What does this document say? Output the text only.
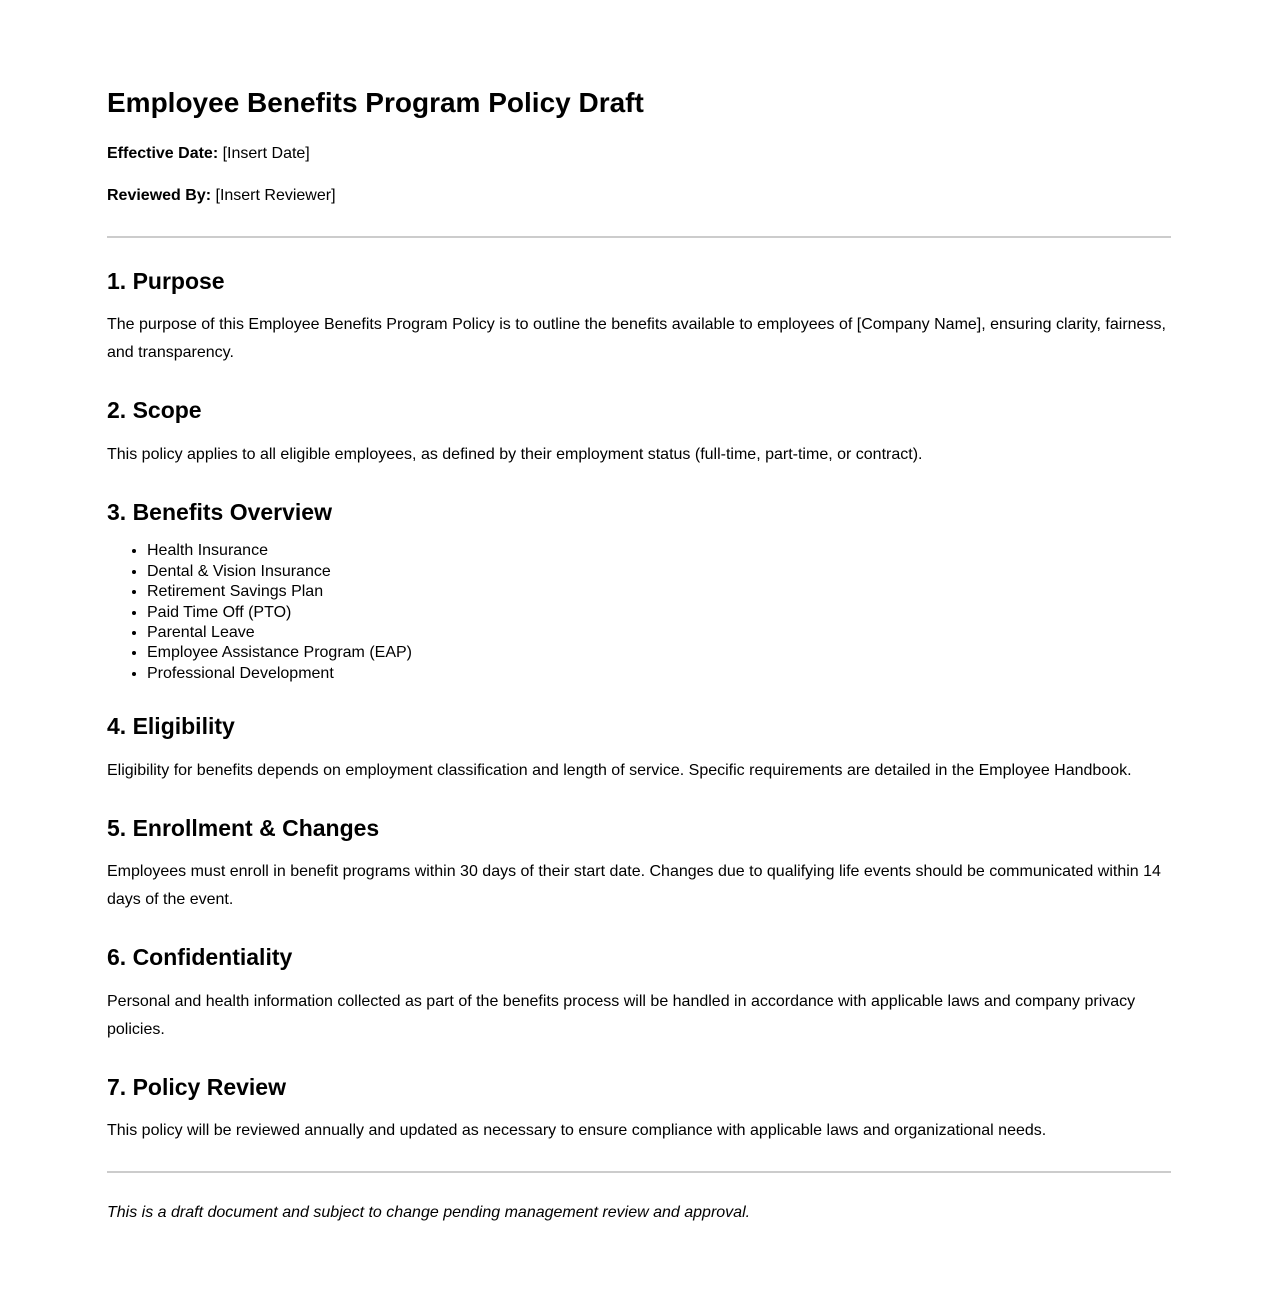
Employee Benefits Program Policy Draft

Effective Date: [Insert Date]

Reviewed By: [Insert Reviewer]

1. Purpose

The purpose of this Employee Benefits Program Policy is to outline the benefits available to employees of [Company Name], ensuring clarity, fairness, and transparency.

2. Scope

This policy applies to all eligible employees, as defined by their employment status (full-time, part-time, or contract).

3. Benefits Overview
• Health Insurance
• Dental & Vision Insurance
• Retirement Savings Plan
• Paid Time Off (PTO)
• Parental Leave
• Employee Assistance Program (EAP)
• Professional Development
4. Eligibility

Eligibility for benefits depends on employment classification and length of service. Specific requirements are detailed in the Employee Handbook.

5. Enrollment & Changes

Employees must enroll in benefit programs within 30 days of their start date. Changes due to qualifying life events should be communicated within 14 days of the event.

6. Confidentiality

Personal and health information collected as part of the benefits process will be handled in accordance with applicable laws and company privacy policies.

7. Policy Review

This policy will be reviewed annually and updated as necessary to ensure compliance with applicable laws and organizational needs.

This is a draft document and subject to change pending management review and approval.
